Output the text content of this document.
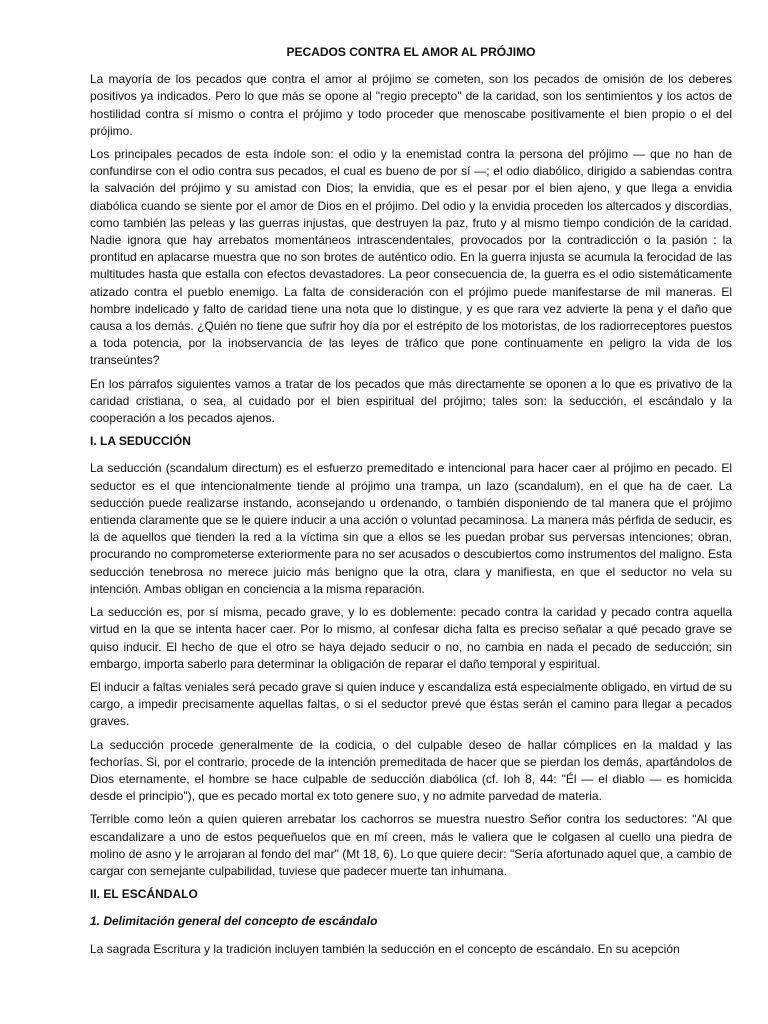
PECADOS CONTRA EL AMOR AL PRÓJIMO

La mayoría de los pecados que contra el amor al prójimo se cometen, son los pecados de omisión de los deberes positivos ya indicados. Pero lo que más se opone al "regio precepto" de la caridad, son los sentimientos y los actos de hostilidad contra sí mismo o contra el prójimo y todo proceder que menoscabe positivamente el bien propio o el del prójimo.

Los principales pecados de esta índole son: el odio y la enemistad contra la persona del prójimo — que no han de confundirse con el odio contra sus pecados, el cual es bueno de por sí —; el odio diabólico, dirigido a sabiendas contra la salvación del prójimo y su amistad con Dios; la envidia, que es el pesar por el bien ajeno, y que llega a envidia diabólica cuando se siente por el amor de Dios en el prójimo. Del odio y la envidia proceden los altercados y discordias, como también las peleas y las guerras injustas, que destruyen la paz, fruto y al mismo tiempo condición de la caridad. Nadie ignora que hay arrebatos momentáneos intrascendentales, provocados por la contradicción o la pasión : la prontitud en aplacarse muestra que no son brotes de auténtico odio. En la guerra injusta se acumula la ferocidad de las multitudes hasta que estalla con efectos devastadores. La peor consecuencia de, la guerra es el odio sistemáticamente atizado contra el pueblo enemigo. La falta de consideración con el prójimo puede manifestarse de mil maneras. El hombre indelicado y falto de caridad tiene una nota que lo distingue, y es que rara vez advierte la pena y el daño que causa a los demás. ¿Quién no tiene que sufrir hoy día por el estrépito de los motoristas, de los radiorreceptores puestos a toda potencia, por la inobservancia de las leyes de tráfico que pone continuamente en peligro la vida de los transeúntes?

En los párrafos siguientes vamos a tratar de los pecados que más directamente se oponen a lo que es privativo de la caridad cristiana, o sea, al cuidado por el bien espiritual del prójimo; tales son: la seducción, el escándalo y la cooperación a los pecados ajenos.

I. LA SEDUCCIÓN

La seducción (scandalum directum) es el esfuerzo premeditado e intencional para hacer caer al prójimo en pecado. El seductor es el que intencionalmente tiende al prójimo una trampa, un lazo (scandalum), en el que ha de caer. La seducción puede realizarse instando, aconsejando u ordenando, o también disponiendo de tal manera que el prójimo entienda claramente que se le quiere inducir a una acción o voluntad pecaminosa. La manera más pérfida de seducir, es la de aquellos que tienden la red a la víctima sin que a ellos se les puedan probar sus perversas intenciones; obran, procurando no comprometerse exteriormente para no ser acusados o descubiertos como instrumentos del maligno. Esta seducción tenebrosa no merece juicio más benigno que la otra, clara y manifiesta, en que el seductor no vela su intención. Ambas obligan en conciencia a la misma reparación.

La seducción es, por sí misma, pecado grave, y lo es doblemente: pecado contra la caridad y pecado contra aquella virtud en la que se intenta hacer caer. Por lo mismo, al confesar dicha falta es preciso señalar a qué pecado grave se quiso inducir. El hecho de que el otro se haya dejado seducir o no, no cambia en nada el pecado de seducción; sin embargo, importa saberlo para determinar la obligación de reparar el daño temporal y espiritual.

El inducir a faltas veniales será pecado grave si quien induce y escandaliza está especialmente obligado, en virtud de su cargo, a impedir precisamente aquellas faltas, o si el seductor prevé que éstas serán el camino para llegar a pecados graves.

La seducción procede generalmente de la codicia, o del culpable deseo de hallar cómplices en la maldad y las fechorías. Si, por el contrario, procede de la intención premeditada de hacer que se pierdan los demás, apartándolos de Dios eternamente, el hombre se hace culpable de seducción diabólica (cf. Ioh 8, 44: "Él — el diablo — es homicida desde el principio"), que es pecado mortal ex toto genere suo, y no admite parvedad de materia.

Terrible como león a quien quieren arrebatar los cachorros se muestra nuestro Señor contra los seductores: "Al que escandalizare a uno de estos pequeñuelos que en mí creen, más le valiera que le colgasen al cuello una piedra de molino de asno y le arrojaran al fondo del mar" (Mt 18, 6). Lo que quiere decir: "Sería afortunado aquel que, a cambio de cargar con semejante culpabilidad, tuviese que padecer muerte tan inhumana.

II. EL ESCÁNDALO
1. Delimitación general del concepto de escándalo

La sagrada Escritura y la tradición incluyen también la seducción en el concepto de escándalo. En su acepción
